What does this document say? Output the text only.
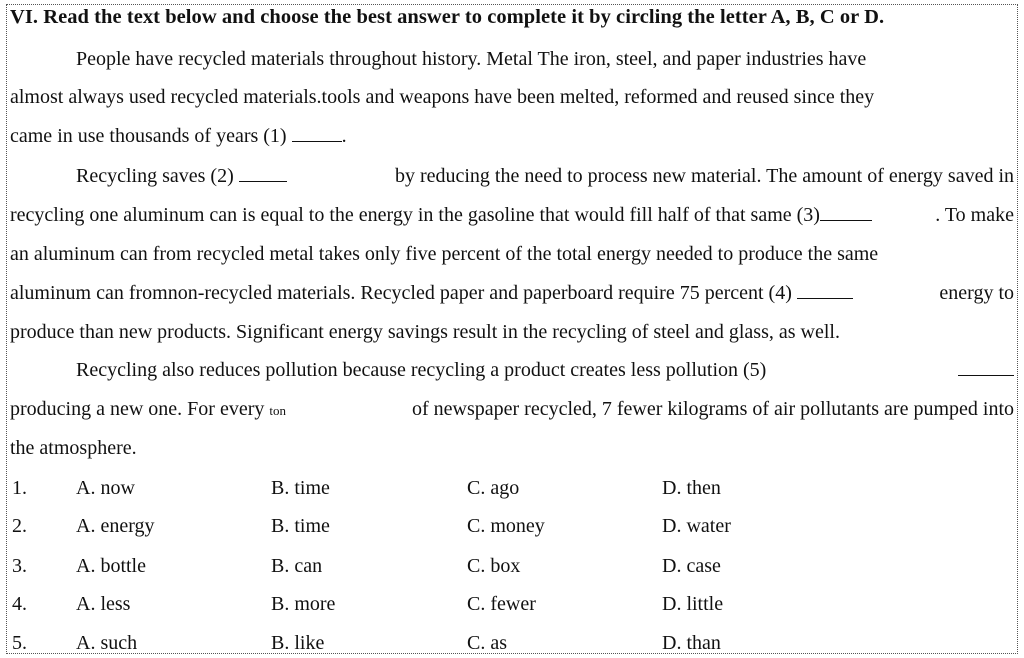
VI. Read the text below and choose the best answer to complete it by circling the letter A, B, C or D.
People have recycled materials throughout history. Metal The iron, steel, and paper industries have
almost always used recycled materials.tools and weapons have been melted, reformed and reused since they
came in use thousands of years (1)	.
Recycling saves (2)	by reducing the need to process new material. The amount of energy saved in
recycling one aluminum can is equal to the energy in the gasoline that would fill half of that same (3)	. To make
an aluminum can from recycled metal takes only five percent of the total energy needed to produce the same
aluminum can fromnon-recycled materials. Recycled paper and paperboard require 75 percent (4)	energy to
produce than new products. Significant energy savings result in the recycling of steel and glass, as well.
Recycling also reduces pollution because recycling a product creates less pollution (5)
producing a new one. For every ton	of newspaper recycled, 7 fewer kilograms of air pollutants are pumped into
the atmosphere.
1. A. now	B. time	C. ago	D. then
2. A. energy	B. time	C. money	D. water
3. A. bottle	B. can	C. box	D. case
4. A. less	B. more	C. fewer	D. little
5. A. such	B. like	C. as	D. than
